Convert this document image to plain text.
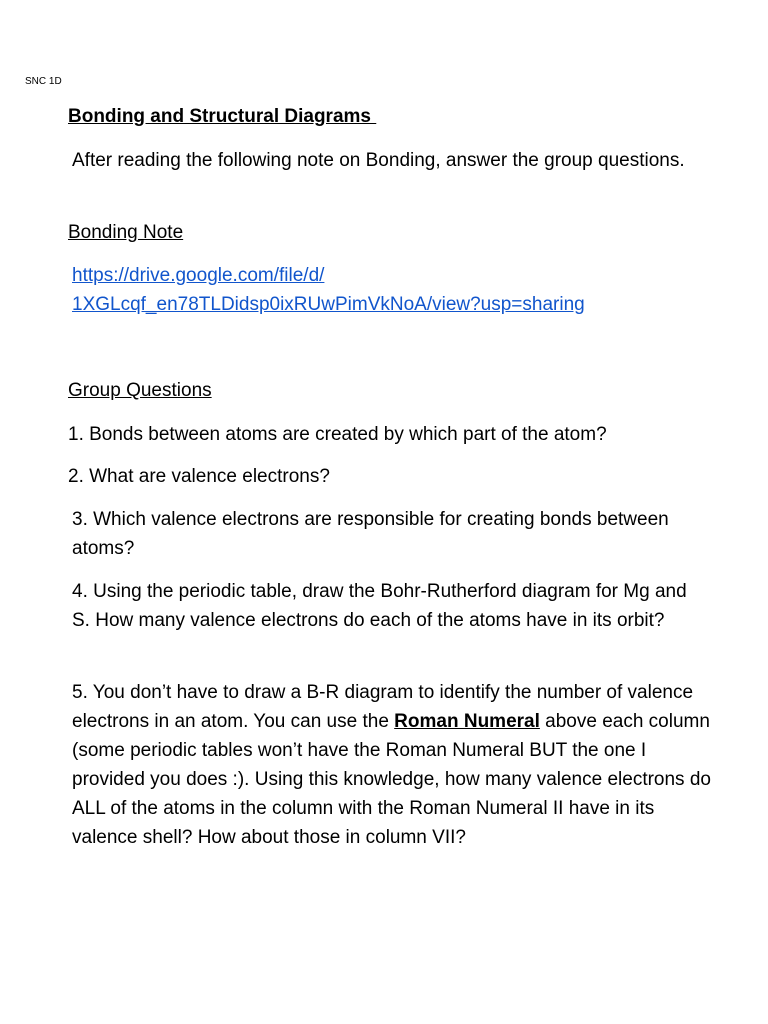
SNC 1D
Bonding and Structural Diagrams
After reading the following note on Bonding, answer the group questions.
Bonding Note
https://drive.google.com/file/d/
1XGLcqf_en78TLDidsp0ixRUwPimVkNoA/view?usp=sharing
Group Questions
1. Bonds between atoms are created by which part of the atom?
2. What are valence electrons?
3. Which valence electrons are responsible for creating bonds between atoms?
4. Using the periodic table, draw the Bohr-Rutherford diagram for Mg and S. How many valence electrons do each of the atoms have in its orbit?
5. You don’t have to draw a B-R diagram to identify the number of valence electrons in an atom. You can use the Roman Numeral above each column (some periodic tables won’t have the Roman Numeral BUT the one I provided you does :). Using this knowledge, how many valence electrons do ALL of the atoms in the column with the Roman Numeral II have in its valence shell? How about those in column VII?
